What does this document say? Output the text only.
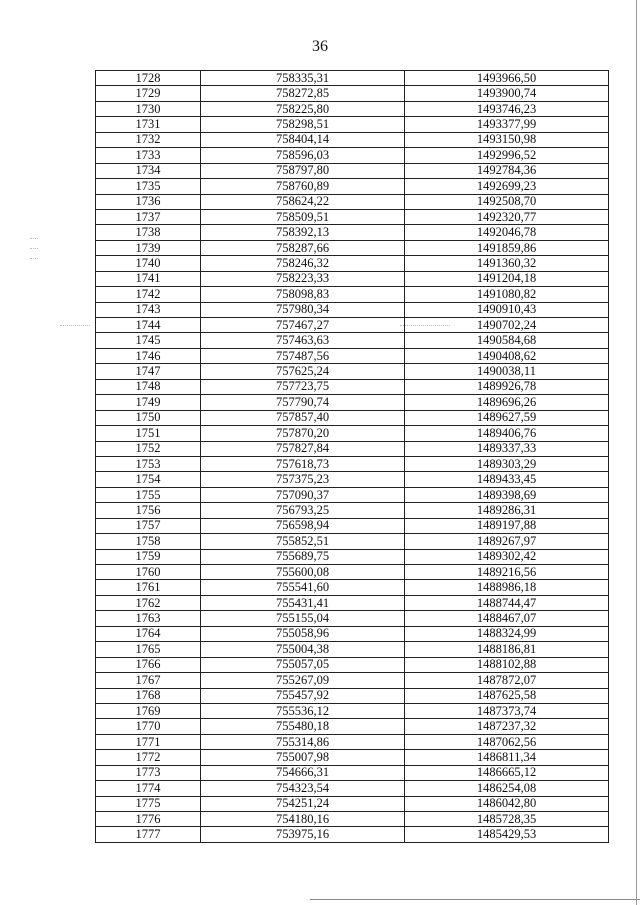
36
1728	758335,31	1493966,50
1729	758272,85	1493900,74
1730	758225,80	1493746,23
1731	758298,51	1493377,99
1732	758404,14	1493150,98
1733	758596,03	1492996,52
1734	758797,80	1492784,36
1735	758760,89	1492699,23
1736	758624,22	1492508,70
1737	758509,51	1492320,77
1738	758392,13	1492046,78
1739	758287,66	1491859,86
1740	758246,32	1491360,32
1741	758223,33	1491204,18
1742	758098,83	1491080,82
1743	757980,34	1490910,43
1744	757467,27	1490702,24
1745	757463,63	1490584,68
1746	757487,56	1490408,62
1747	757625,24	1490038,11
1748	757723,75	1489926,78
1749	757790,74	1489696,26
1750	757857,40	1489627,59
1751	757870,20	1489406,76
1752	757827,84	1489337,33
1753	757618,73	1489303,29
1754	757375,23	1489433,45
1755	757090,37	1489398,69
1756	756793,25	1489286,31
1757	756598,94	1489197,88
1758	755852,51	1489267,97
1759	755689,75	1489302,42
1760	755600,08	1489216,56
1761	755541,60	1488986,18
1762	755431,41	1488744,47
1763	755155,04	1488467,07
1764	755058,96	1488324,99
1765	755004,38	1488186,81
1766	755057,05	1488102,88
1767	755267,09	1487872,07
1768	755457,92	1487625,58
1769	755536,12	1487373,74
1770	755480,18	1487237,32
1771	755314,86	1487062,56
1772	755007,98	1486811,34
1773	754666,31	1486665,12
1774	754323,54	1486254,08
1775	754251,24	1486042,80
1776	754180,16	1485728,35
1777	753975,16	1485429,53
